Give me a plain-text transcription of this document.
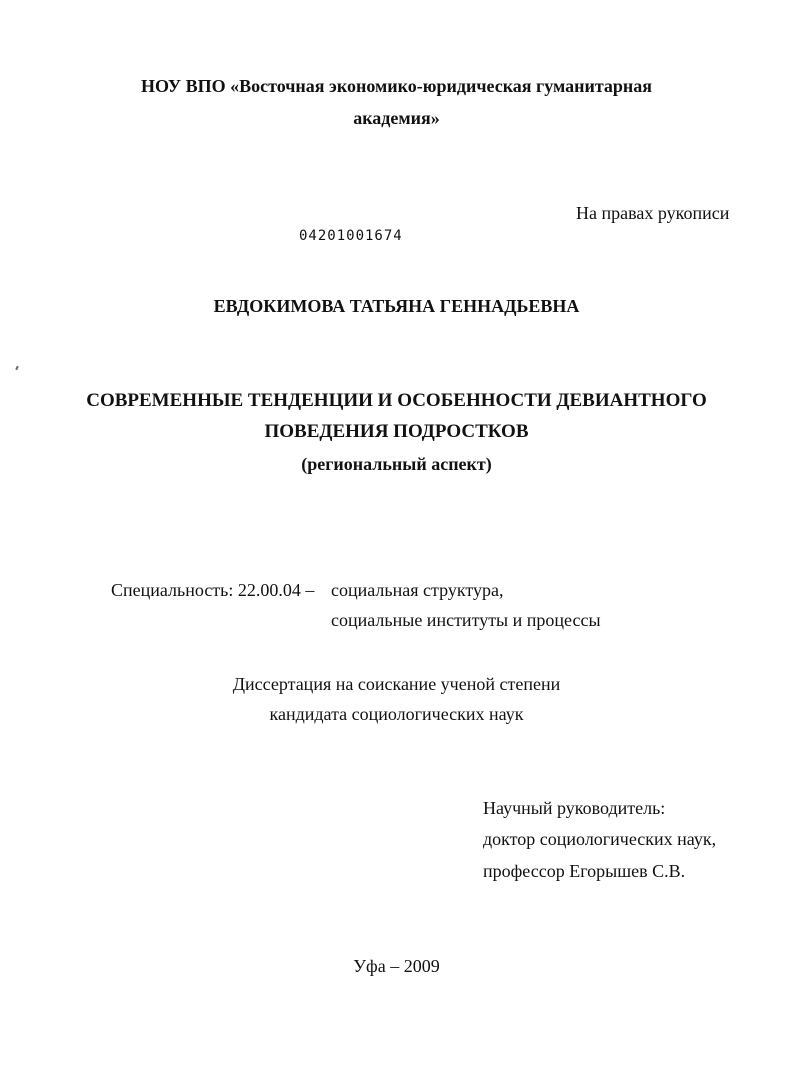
НОУ ВПО «Восточная экономико-юридическая гуманитарная
академия»
На правах рукописи
04201001674
ЕВДОКИМОВА ТАТЬЯНА ГЕННАДЬЕВНА
СОВРЕМЕННЫЕ ТЕНДЕНЦИИ И ОСОБЕННОСТИ ДЕВИАНТНОГО
ПОВЕДЕНИЯ ПОДРОСТКОВ
(региональный аспект)
Специальность: 22.00.04 – социальная структура,
социальные институты и процессы
Диссертация на соискание ученой степени
кандидата социологических наук
Научный руководитель:
доктор социологических наук,
профессор Егорышев С.В.
Уфа – 2009
